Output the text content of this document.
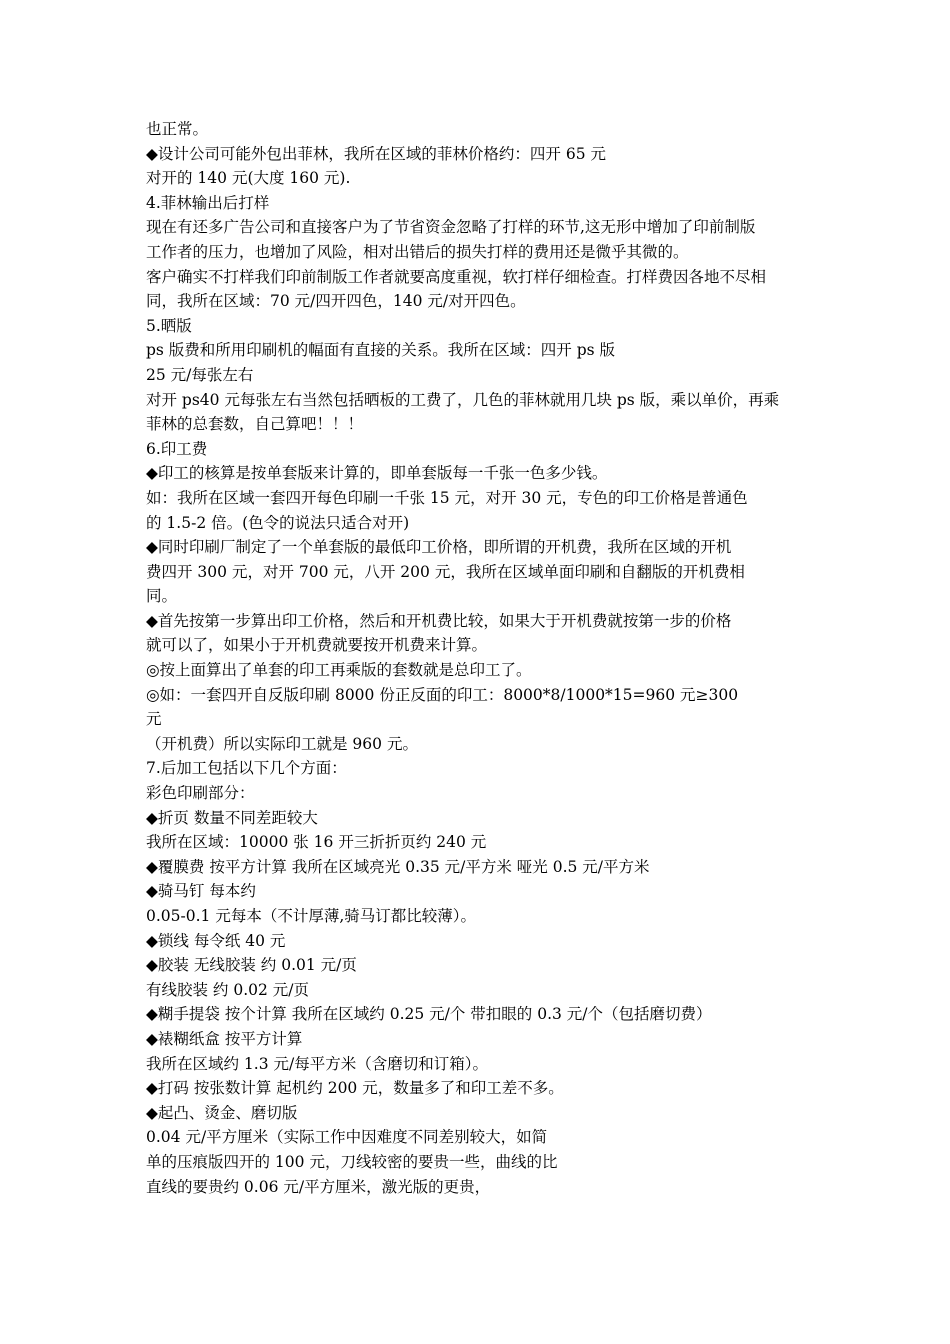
也正常。
◆设计公司可能外包出菲林，我所在区域的菲林价格约：四开 65 元
对开的 140 元(大度 160 元).
4.菲林输出后打样
现在有还多广告公司和直接客户为了节省资金忽略了打样的环节,这无形中增加了印前制版
工作者的压力，也增加了风险，相对出错后的损失打样的费用还是微乎其微的。
客户确实不打样我们印前制版工作者就要高度重视，软打样仔细检查。打样费因各地不尽相
同，我所在区域：70 元/四开四色，140 元/对开四色。
5.晒版
ps 版费和所用印刷机的幅面有直接的关系。我所在区域：四开 ps 版
25 元/每张左右
对开 ps40 元每张左右当然包括晒板的工费了，几色的菲林就用几块 ps 版，乘以单价，再乘
菲林的总套数，自己算吧！！！
6.印工费
◆印工的核算是按单套版来计算的，即单套版每一千张一色多少钱。
如：我所在区域一套四开每色印刷一千张 15 元，对开 30 元，专色的印工价格是普通色
的 1.5-2 倍。(色令的说法只适合对开)
◆同时印刷厂制定了一个单套版的最低印工价格，即所谓的开机费，我所在区域的开机
费四开 300 元，对开 700 元，八开 200 元，我所在区域单面印刷和自翻版的开机费相
同。
◆首先按第一步算出印工价格，然后和开机费比较，如果大于开机费就按第一步的价格
就可以了，如果小于开机费就要按开机费来计算。
◎按上面算出了单套的印工再乘版的套数就是总印工了。
◎如：一套四开自反版印刷 8000 份正反面的印工：8000*8/1000*15=960 元≥300
元
（开机费）所以实际印工就是 960 元。
7.后加工包括以下几个方面：
彩色印刷部分：
◆折页 数量不同差距较大
我所在区域：10000 张 16 开三折折页约 240 元
◆覆膜费 按平方计算 我所在区域亮光 0.35 元/平方米 哑光 0.5 元/平方米
◆骑马钉 每本约
0.05-0.1 元每本（不计厚薄,骑马订都比较薄）。
◆锁线 每令纸 40 元
◆胶装 无线胶装 约 0.01 元/页
有线胶装 约 0.02 元/页
◆糊手提袋 按个计算 我所在区域约 0.25 元/个 带扣眼的 0.3 元/个（包括磨切费）
◆裱糊纸盒 按平方计算
我所在区域约 1.3 元/每平方米（含磨切和订箱）。
◆打码 按张数计算 起机约 200 元，数量多了和印工差不多。
◆起凸、烫金、磨切版
0.04 元/平方厘米（实际工作中因难度不同差别较大，如简
单的压痕版四开的 100 元，刀线较密的要贵一些，曲线的比
直线的要贵约 0.06 元/平方厘米，激光版的更贵，
